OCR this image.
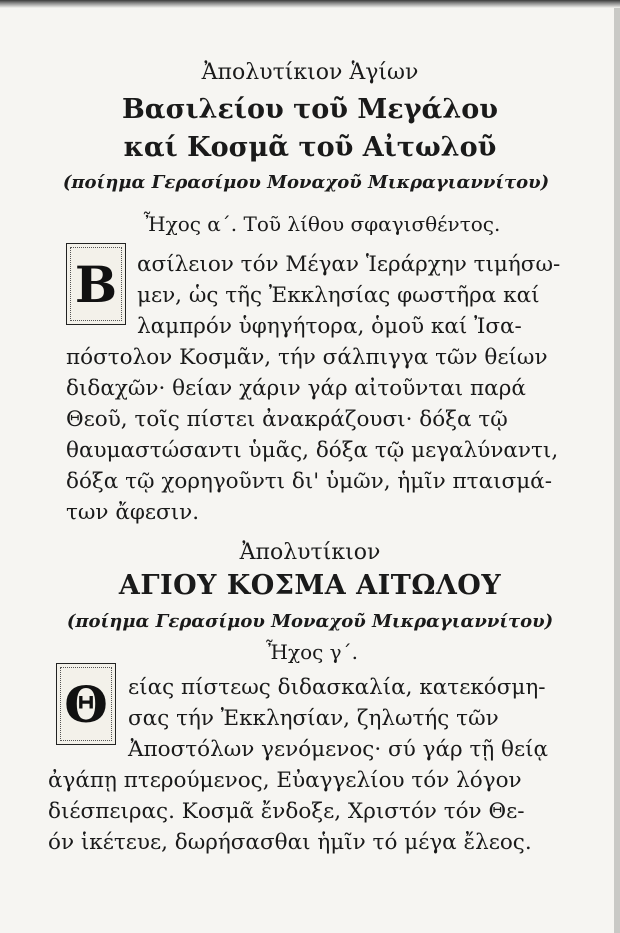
Ἀπολυτίκιον Ἁγίων
Βασιλείου τοῦ Μεγάλου
καί Κοσμᾶ τοῦ Αἰτωλοῦ
(ποίημα Γερασίμου Μοναχοῦ Μικραγιαννίτου)
Ἦχος α΄. Τοῦ λίθου σφαγισθέντος.
B ασίλειον τόν Μέγαν Ἱεράρχην τιμήσω-
μεν, ὡς τῆς Ἐκκλησίας φωστῆρα καί
λαμπρόν ὑφηγήτορα, ὁμοῦ καί Ἰσα-
πόστολον Κοσμᾶν, τήν σάλπιγγα τῶν θείων
διδαχῶν· θείαν χάριν γάρ αἰτοῦνται παρά
Θεοῦ, τοῖς πίστει ἀνακράζουσι· δόξα τῷ
θαυμαστώσαντι ὑμᾶς, δόξα τῷ μεγαλύναντι,
δόξα τῷ χορηγοῦντι δι' ὑμῶν, ἡμῖν πταισμά-
των ἄφεσιν.
Ἀπολυτίκιον
ΑΓΙΟΥ ΚΟΣΜΑ ΑΙΤΩΛΟΥ
(ποίημα Γερασίμου Μοναχοῦ Μικραγιαννίτου)
Ἦχος γ΄.
Θ είας πίστεως διδασκαλία, κατεκόσμη-
σας τήν Ἐκκλησίαν, ζηλωτής τῶν
Ἀποστόλων γενόμενος· σύ γάρ τῇ θείᾳ
ἀγάπῃ πτερούμενος, Εὐαγγελίου τόν λόγον
διέσπειρας. Κοσμᾶ ἔνδοξε, Χριστόν τόν Θε-
όν ἱκέτευε, δωρήσασθαι ἡμῖν τό μέγα ἔλεος.
